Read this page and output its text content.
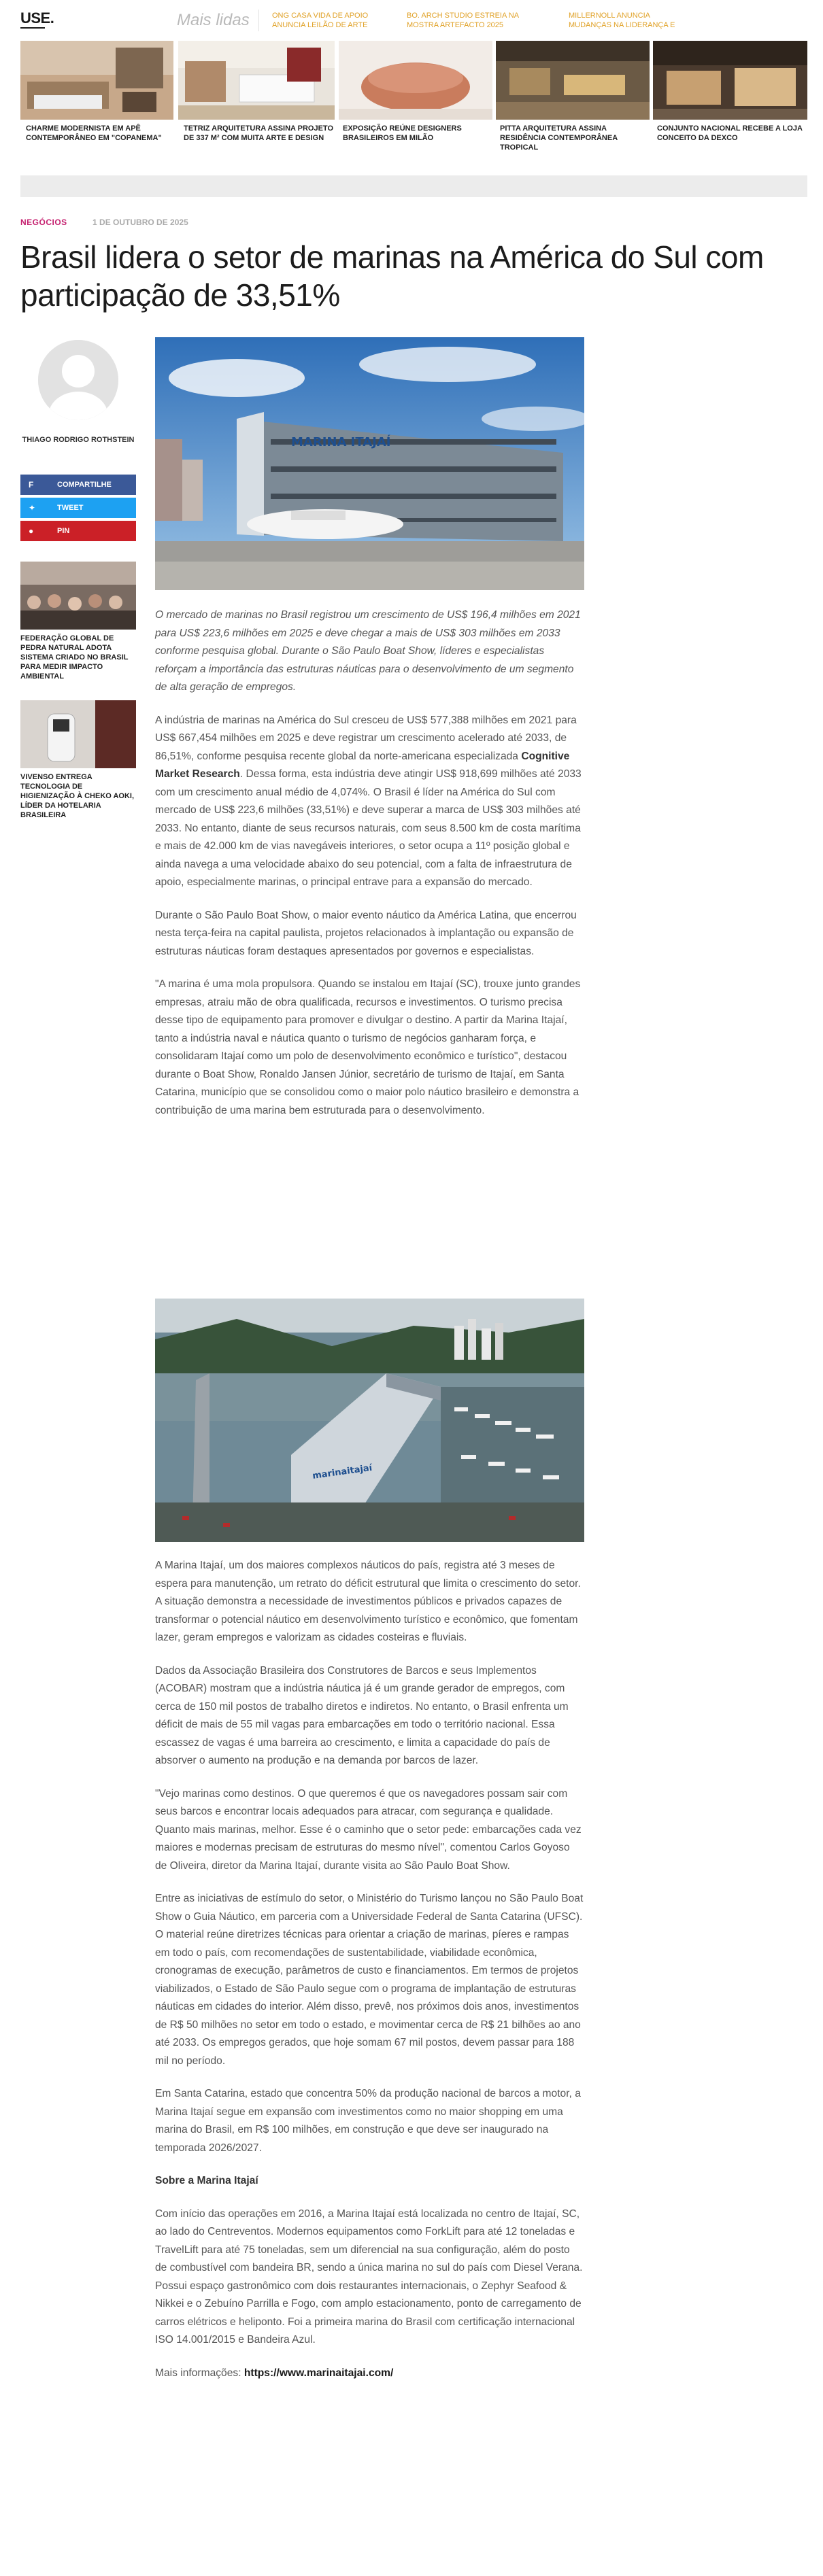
USE.	Mais lidas	ONG CASA VIDA DE APOIO ANUNCIA LEILÃO DE ARTE
BO. ARCH STUDIO ESTREIA NA MOSTRA ARTEFACTO 2025
MILLERNOLL ANUNCIA MUDANÇAS NA LIDERANÇA E
CHARME MODERNISTA EM APÊ CONTEMPORÂNEO EM "COPANEMA"
TETRIZ ARQUITETURA ASSINA PROJETO DE 337 M² COM MUITA ARTE E DESIGN
EXPOSIÇÃO REÚNE DESIGNERS BRASILEIROS EM MILÃO
PITTA ARQUITETURA ASSINA RESIDÊNCIA CONTEMPORÂNEA TROPICAL
CONJUNTO NACIONAL RECEBE A LOJA CONCEITO DA DEXCO
NEGÓCIOS	1 DE OUTUBRO DE 2025
Brasil lidera o setor de marinas na América do Sul com participação de 33,51%
THIAGO RODRIGO ROTHSTEIN
F	COMPARTILHE
✦	TWEET
●	PIN
FEDERAÇÃO GLOBAL DE PEDRA NATURAL ADOTA SISTEMA CRIADO NO BRASIL PARA MEDIR IMPACTO AMBIENTAL
VIVENSO ENTREGA TECNOLOGIA DE HIGIENIZAÇÃO À CHEKO AOKI, LÍDER DA HOTELARIA BRASILEIRA
MARINA ITAJAÍ

O mercado de marinas no Brasil registrou um crescimento de US$ 196,4 milhões em 2021 para US$ 223,6 milhões em 2025 e deve chegar a mais de US$ 303 milhões em 2033 conforme pesquisa global. Durante o São Paulo Boat Show, líderes e especialistas reforçam a importância das estruturas náuticas para o desenvolvimento de um segmento de alta geração de empregos.

A indústria de marinas na América do Sul cresceu de US$ 577,388 milhões em 2021 para US$ 667,454 milhões em 2025 e deve registrar um crescimento acelerado até 2033, de 86,51%, conforme pesquisa recente global da norte-americana especializada Cognitive Market Research. Dessa forma, esta indústria deve atingir US$ 918,699 milhões até 2033 com um crescimento anual médio de 4,074%. O Brasil é líder na América do Sul com mercado de US$ 223,6 milhões (33,51%) e deve superar a marca de US$ 303 milhões até 2033. No entanto, diante de seus recursos naturais, com seus 8.500 km de costa marítima e mais de 42.000 km de vias navegáveis interiores, o setor ocupa a 11º posição global e ainda navega a uma velocidade abaixo do seu potencial, com a falta de infraestrutura de apoio, especialmente marinas, o principal entrave para a expansão do mercado.

Durante o São Paulo Boat Show, o maior evento náutico da América Latina, que encerrou nesta terça-feira na capital paulista, projetos relacionados à implantação ou expansão de estruturas náuticas foram destaques apresentados por governos e especialistas.

"A marina é uma mola propulsora. Quando se instalou em Itajaí (SC), trouxe junto grandes empresas, atraiu mão de obra qualificada, recursos e investimentos. O turismo precisa desse tipo de equipamento para promover e divulgar o destino. A partir da Marina Itajaí, tanto a indústria naval e náutica quanto o turismo de negócios ganharam força, e consolidaram Itajaí como um polo de desenvolvimento econômico e turístico", destacou durante o Boat Show, Ronaldo Jansen Júnior, secretário de turismo de Itajaí, em Santa Catarina, município que se consolidou como o maior polo náutico brasileiro e demonstra a contribuição de uma marina bem estruturada para o desenvolvimento.

marinaitajaí

A Marina Itajaí, um dos maiores complexos náuticos do país, registra até 3 meses de espera para manutenção, um retrato do déficit estrutural que limita o crescimento do setor. A situação demonstra a necessidade de investimentos públicos e privados capazes de transformar o potencial náutico em desenvolvimento turístico e econômico, que fomentam lazer, geram empregos e valorizam as cidades costeiras e fluviais.

Dados da Associação Brasileira dos Construtores de Barcos e seus Implementos (ACOBAR) mostram que a indústria náutica já é um grande gerador de empregos, com cerca de 150 mil postos de trabalho diretos e indiretos. No entanto, o Brasil enfrenta um déficit de mais de 55 mil vagas para embarcações em todo o território nacional. Essa escassez de vagas é uma barreira ao crescimento, e limita a capacidade do país de absorver o aumento na produção e na demanda por barcos de lazer.

"Vejo marinas como destinos. O que queremos é que os navegadores possam sair com seus barcos e encontrar locais adequados para atracar, com segurança e qualidade. Quanto mais marinas, melhor. Esse é o caminho que o setor pede: embarcações cada vez maiores e modernas precisam de estruturas do mesmo nível", comentou Carlos Goyoso de Oliveira, diretor da Marina Itajaí, durante visita ao São Paulo Boat Show.

Entre as iniciativas de estímulo do setor, o Ministério do Turismo lançou no São Paulo Boat Show o Guia Náutico, em parceria com a Universidade Federal de Santa Catarina (UFSC). O material reúne diretrizes técnicas para orientar a criação de marinas, píeres e rampas em todo o país, com recomendações de sustentabilidade, viabilidade econômica, cronogramas de execução, parâmetros de custo e financiamentos. Em termos de projetos viabilizados, o Estado de São Paulo segue com o programa de implantação de estruturas náuticas em cidades do interior. Além disso, prevê, nos próximos dois anos, investimentos de R$ 50 milhões no setor em todo o estado, e movimentar cerca de R$ 21 bilhões ao ano até 2033. Os empregos gerados, que hoje somam 67 mil postos, devem passar para 188 mil no período.

Em Santa Catarina, estado que concentra 50% da produção nacional de barcos a motor, a Marina Itajaí segue em expansão com investimentos como no maior shopping em uma marina do Brasil, em R$ 100 milhões, em construção e que deve ser inaugurado na temporada 2026/2027.

Sobre a Marina Itajaí

Com início das operações em 2016, a Marina Itajaí está localizada no centro de Itajaí, SC, ao lado do Centreventos. Modernos equipamentos como ForkLift para até 12 toneladas e TravelLift para até 75 toneladas, sem um diferencial na sua configuração, além do posto de combustível com bandeira BR, sendo a única marina no sul do país com Diesel Verana. Possui espaço gastronômico com dois restaurantes internacionais, o Zephyr Seafood & Nikkei e o Zebuíno Parrilla e Fogo, com amplo estacionamento, ponto de carregamento de carros elétricos e heliponto. Foi a primeira marina do Brasil com certificação internacional ISO 14.001/2015 e Bandeira Azul.

Mais informações: https://www.marinaitajai.com/
